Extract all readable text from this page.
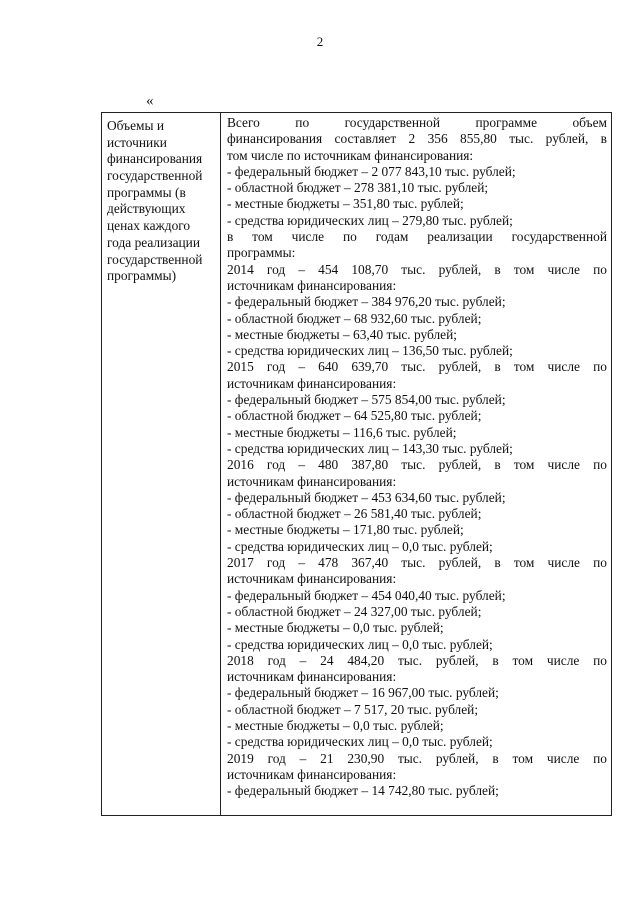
2
«
Объемы и
источники
финансирования
государственной
программы (в
действующих
ценах каждого
года реализации
государственной
программы)
Всего по государственной программе объем
финансирования составляет 2 356 855,80 тыс. рублей, в
том числе по источникам финансирования:
- федеральный бюджет – 2 077 843,10 тыс. рублей;
- областной бюджет – 278 381,10 тыс. рублей;
- местные бюджеты – 351,80 тыс. рублей;
- средства юридических лиц – 279,80 тыс. рублей;
в том числе по годам реализации государственной
программы:
2014 год – 454 108,70 тыс. рублей, в том числе по
источникам финансирования:
- федеральный бюджет – 384 976,20 тыс. рублей;
- областной бюджет – 68 932,60 тыс. рублей;
- местные бюджеты – 63,40 тыс. рублей;
- средства юридических лиц – 136,50 тыс. рублей;
2015 год – 640 639,70 тыс. рублей, в том числе по
источникам финансирования:
- федеральный бюджет – 575 854,00 тыс. рублей;
- областной бюджет – 64 525,80 тыс. рублей;
- местные бюджеты – 116,6 тыс. рублей;
- средства юридических лиц – 143,30 тыс. рублей;
2016 год – 480 387,80 тыс. рублей, в том числе по
источникам финансирования:
- федеральный бюджет – 453 634,60 тыс. рублей;
- областной бюджет – 26 581,40 тыс. рублей;
- местные бюджеты – 171,80 тыс. рублей;
- средства юридических лиц – 0,0 тыс. рублей;
2017 год – 478 367,40 тыс. рублей, в том числе по
источникам финансирования:
- федеральный бюджет – 454 040,40 тыс. рублей;
- областной бюджет – 24 327,00 тыс. рублей;
- местные бюджеты – 0,0 тыс. рублей;
- средства юридических лиц – 0,0 тыс. рублей;
2018 год – 24 484,20 тыс. рублей, в том числе по
источникам финансирования:
- федеральный бюджет – 16 967,00 тыс. рублей;
- областной бюджет – 7 517, 20 тыс. рублей;
- местные бюджеты – 0,0 тыс. рублей;
- средства юридических лиц – 0,0 тыс. рублей;
2019 год – 21 230,90 тыс. рублей, в том числе по
источникам финансирования:
- федеральный бюджет – 14 742,80 тыс. рублей;
